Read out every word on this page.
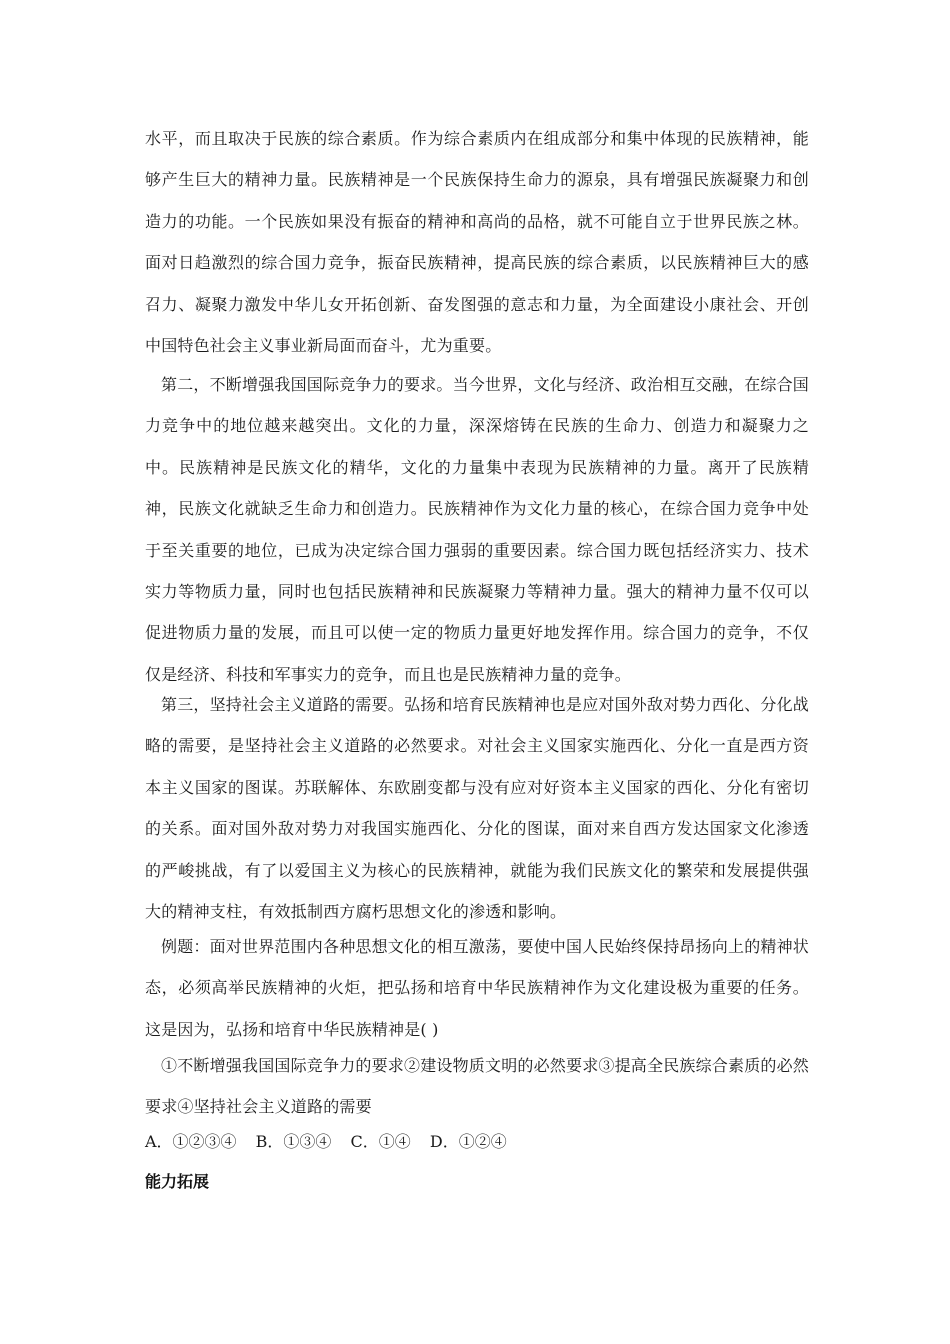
水平，而且取决于民族的综合素质。作为综合素质内在组成部分和集中体现的民族精神，能够产生巨大的精神力量。民族精神是一个民族保持生命力的源泉，具有增强民族凝聚力和创造力的功能。一个民族如果没有振奋的精神和高尚的品格，就不可能自立于世界民族之林。面对日趋激烈的综合国力竞争，振奋民族精神，提高民族的综合素质，以民族精神巨大的感召力、凝聚力激发中华儿女开拓创新、奋发图强的意志和力量，为全面建设小康社会、开创中国特色社会主义事业新局面而奋斗，尤为重要。

第二，不断增强我国国际竞争力的要求。当今世界，文化与经济、政治相互交融，在综合国力竞争中的地位越来越突出。文化的力量，深深熔铸在民族的生命力、创造力和凝聚力之中。民族精神是民族文化的精华，文化的力量集中表现为民族精神的力量。离开了民族精神，民族文化就缺乏生命力和创造力。民族精神作为文化力量的核心，在综合国力竞争中处于至关重要的地位，已成为决定综合国力强弱的重要因素。综合国力既包括经济实力、技术实力等物质力量，同时也包括民族精神和民族凝聚力等精神力量。强大的精神力量不仅可以促进物质力量的发展，而且可以使一定的物质力量更好地发挥作用。综合国力的竞争，不仅仅是经济、科技和军事实力的竞争，而且也是民族精神力量的竞争。

第三，坚持社会主义道路的需要。弘扬和培育民族精神也是应对国外敌对势力西化、分化战略的需要，是坚持社会主义道路的必然要求。对社会主义国家实施西化、分化一直是西方资本主义国家的图谋。苏联解体、东欧剧变都与没有应对好资本主义国家的西化、分化有密切的关系。面对国外敌对势力对我国实施西化、分化的图谋，面对来自西方发达国家文化渗透的严峻挑战，有了以爱国主义为核心的民族精神，就能为我们民族文化的繁荣和发展提供强大的精神支柱，有效抵制西方腐朽思想文化的渗透和影响。

例题：面对世界范围内各种思想文化的相互激荡，要使中国人民始终保持昂扬向上的精神状态，必须高举民族精神的火炬，把弘扬和培育中华民族精神作为文化建设极为重要的任务。这是因为，弘扬和培育中华民族精神是( )

①不断增强我国国际竞争力的要求②建设物质文明的必然要求③提高全民族综合素质的必然要求④坚持社会主义道路的需要

A．①②③④ B．①③④ C．①④ D．①②④
能力拓展
